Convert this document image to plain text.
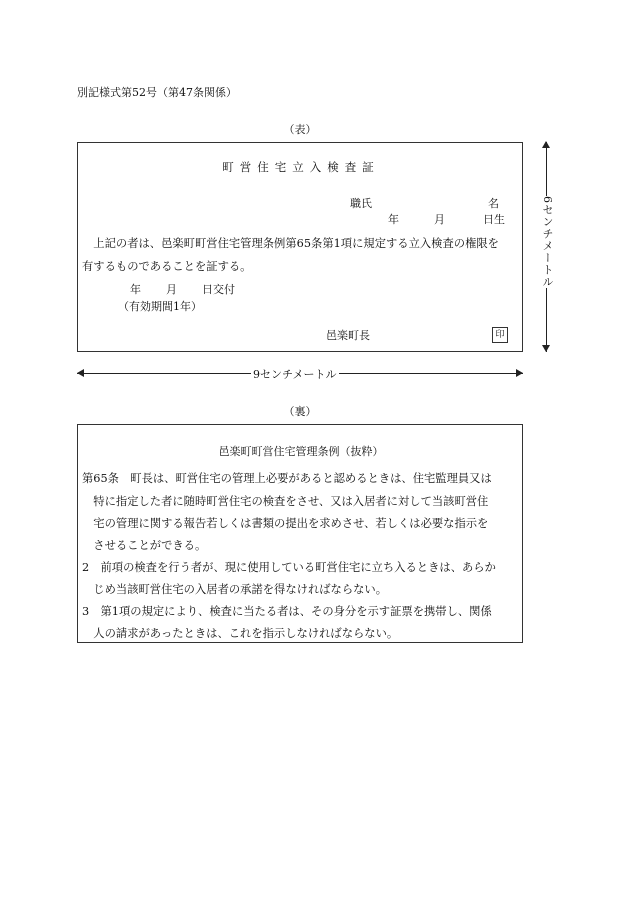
別記様式第52号（第47条関係）
（表）
町営住宅立入検査証
職氏	名
年	月	日生
　上記の者は、邑楽町町営住宅管理条例第65条第1項に規定する立入検査の権限を
有するものであることを証する。
年 月 日交付
（有効期間1年）
邑楽町長	印
6センチメートル
9センチメートル
（裏）
邑楽町町営住宅管理条例（抜粋）
第65条　町長は、町営住宅の管理上必要があると認めるときは、住宅監理員又は
　特に指定した者に随時町営住宅の検査をさせ、又は入居者に対して当該町営住
　宅の管理に関する報告若しくは書類の提出を求めさせ、若しくは必要な指示を
　させることができる。
2　前項の検査を行う者が、現に使用している町営住宅に立ち入るときは、あらか
　じめ当該町営住宅の入居者の承諾を得なければならない。
3　第1項の規定により、検査に当たる者は、その身分を示す証票を携帯し、関係
　人の請求があったときは、これを指示しなければならない。
